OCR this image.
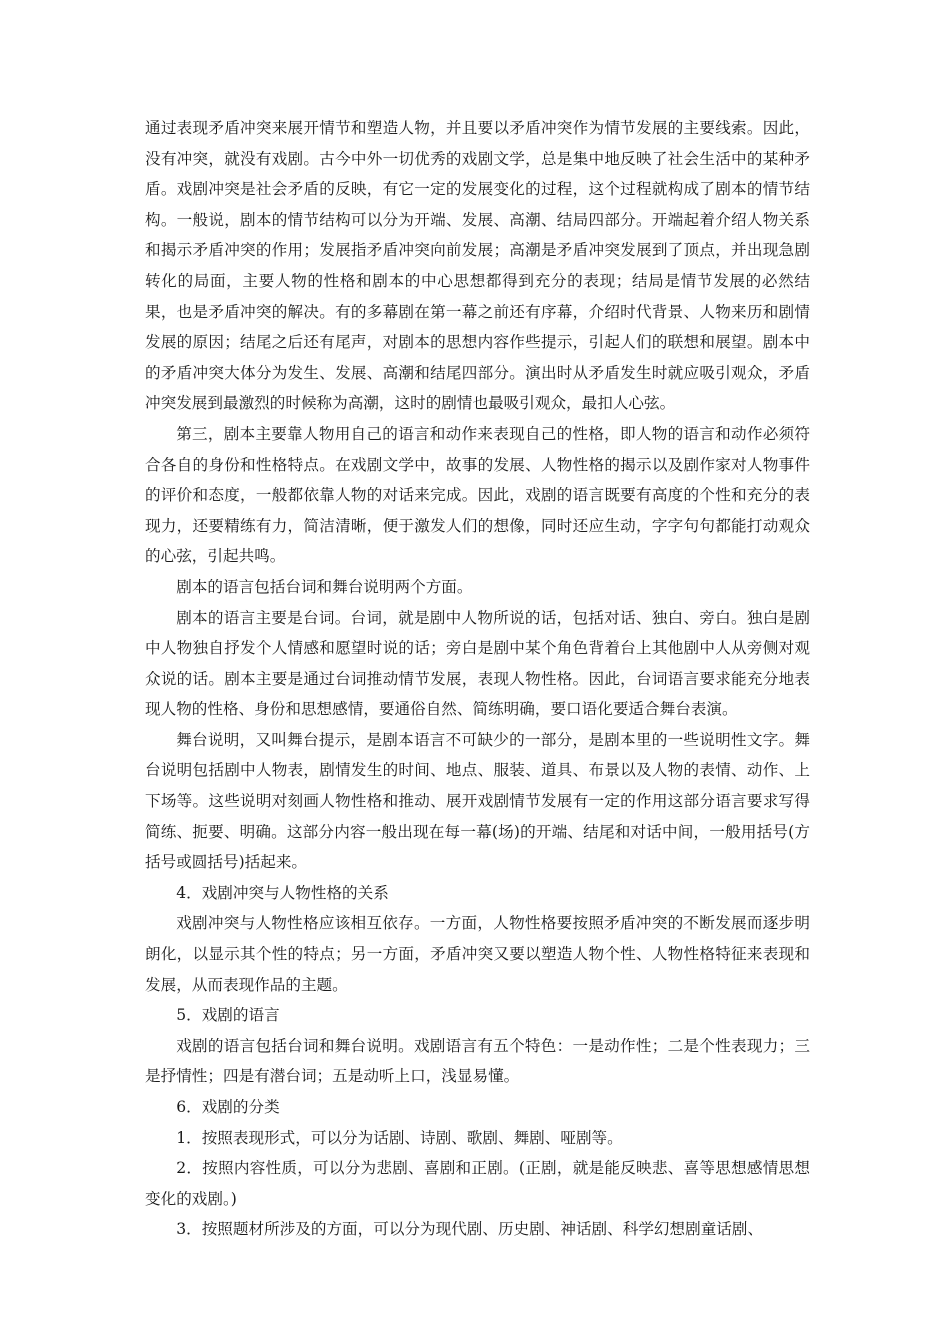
通过表现矛盾冲突来展开情节和塑造人物，并且要以矛盾冲突作为情节发展的主要线索。因此，没有冲突，就没有戏剧。古今中外一切优秀的戏剧文学，总是集中地反映了社会生活中的某种矛盾。戏剧冲突是社会矛盾的反映，有它一定的发展变化的过程，这个过程就构成了剧本的情节结构。一般说，剧本的情节结构可以分为开端、发展、高潮、结局四部分。开端起着介绍人物关系和揭示矛盾冲突的作用；发展指矛盾冲突向前发展；高潮是矛盾冲突发展到了顶点，并出现急剧转化的局面，主要人物的性格和剧本的中心思想都得到充分的表现；结局是情节发展的必然结果，也是矛盾冲突的解决。有的多幕剧在第一幕之前还有序幕，介绍时代背景、人物来历和剧情发展的原因；结尾之后还有尾声，对剧本的思想内容作些提示，引起人们的联想和展望。剧本中的矛盾冲突大体分为发生、发展、高潮和结尾四部分。演出时从矛盾发生时就应吸引观众，矛盾冲突发展到最激烈的时候称为高潮，这时的剧情也最吸引观众，最扣人心弦。

第三，剧本主要靠人物用自己的语言和动作来表现自己的性格，即人物的语言和动作必须符合各自的身份和性格特点。在戏剧文学中，故事的发展、人物性格的揭示以及剧作家对人物事件的评价和态度，一般都依靠人物的对话来完成。因此，戏剧的语言既要有高度的个性和充分的表现力，还要精练有力，简洁清晰，便于激发人们的想像，同时还应生动，字字句句都能打动观众的心弦，引起共鸣。

剧本的语言包括台词和舞台说明两个方面。

剧本的语言主要是台词。台词，就是剧中人物所说的话，包括对话、独白、旁白。独白是剧中人物独自抒发个人情感和愿望时说的话；旁白是剧中某个角色背着台上其他剧中人从旁侧对观众说的话。剧本主要是通过台词推动情节发展，表现人物性格。因此，台词语言要求能充分地表现人物的性格、身份和思想感情，要通俗自然、简练明确，要口语化要适合舞台表演。

舞台说明，又叫舞台提示，是剧本语言不可缺少的一部分，是剧本里的一些说明性文字。舞台说明包括剧中人物表，剧情发生的时间、地点、服装、道具、布景以及人物的表情、动作、上下场等。这些说明对刻画人物性格和推动、展开戏剧情节发展有一定的作用这部分语言要求写得简练、扼要、明确。这部分内容一般出现在每一幕(场)的开端、结尾和对话中间，一般用括号(方括号或圆括号)括起来。

4．戏剧冲突与人物性格的关系

戏剧冲突与人物性格应该相互依存。一方面，人物性格要按照矛盾冲突的不断发展而逐步明朗化，以显示其个性的特点；另一方面，矛盾冲突又要以塑造人物个性、人物性格特征来表现和发展，从而表现作品的主题。

5．戏剧的语言

戏剧的语言包括台词和舞台说明。戏剧语言有五个特色：一是动作性；二是个性表现力；三是抒情性；四是有潜台词；五是动听上口，浅显易懂。

6．戏剧的分类

1．按照表现形式，可以分为话剧、诗剧、歌剧、舞剧、哑剧等。

2．按照内容性质，可以分为悲剧、喜剧和正剧。(正剧，就是能反映悲、喜等思想感情思想变化的戏剧。)

3．按照题材所涉及的方面，可以分为现代剧、历史剧、神话剧、科学幻想剧童话剧、
